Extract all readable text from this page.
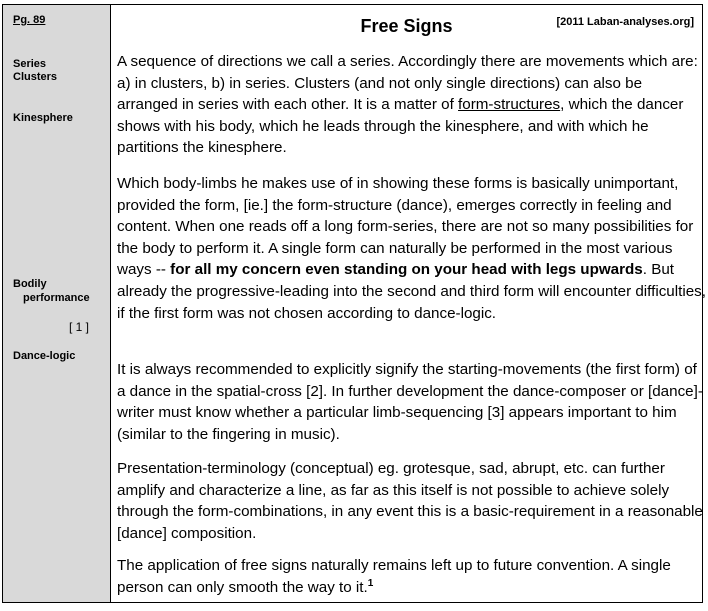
Pg. 89
Series
Clusters
Kinesphere
Bodily
performance
[ 1 ]
Dance-logic
Free Signs	[2011 Laban-analyses.org]

A sequence of directions we call a series. Accordingly there are movements which are: a) in clusters, b) in series. Clusters (and not only single directions) can also be arranged in series with each other. It is a matter of form-structures, which the dancer shows with his body, which he leads through the kinesphere, and with which he partitions the kinesphere.

Which body-limbs he makes use of in showing these forms is basically unimportant, provided the form, [ie.] the form-structure (dance), emerges correctly in feeling and content. When one reads off a long form-series, there are not so many possibilities for the body to perform it. A single form can naturally be performed in the most various ways -- for all my concern even standing on your head with legs upwards. But already the progressive-leading into the second and third form will encounter difficulties, if the first form was not chosen according to dance-logic.

It is always recommended to explicitly signify the starting-movements (the first form) of a dance in the spatial-cross [2]. In further development the dance-composer or [dance]-writer must know whether a particular limb-sequencing [3] appears important to him (similar to the fingering in music).

Presentation-terminology (conceptual) eg. grotesque, sad, abrupt, etc. can further amplify and characterize a line, as far as this itself is not possible to achieve solely through the form-combinations, in any event this is a basic-requirement in a reasonable [dance] composition.

The application of free signs naturally remains left up to future convention. A single person can only smooth the way to it.$^1$
